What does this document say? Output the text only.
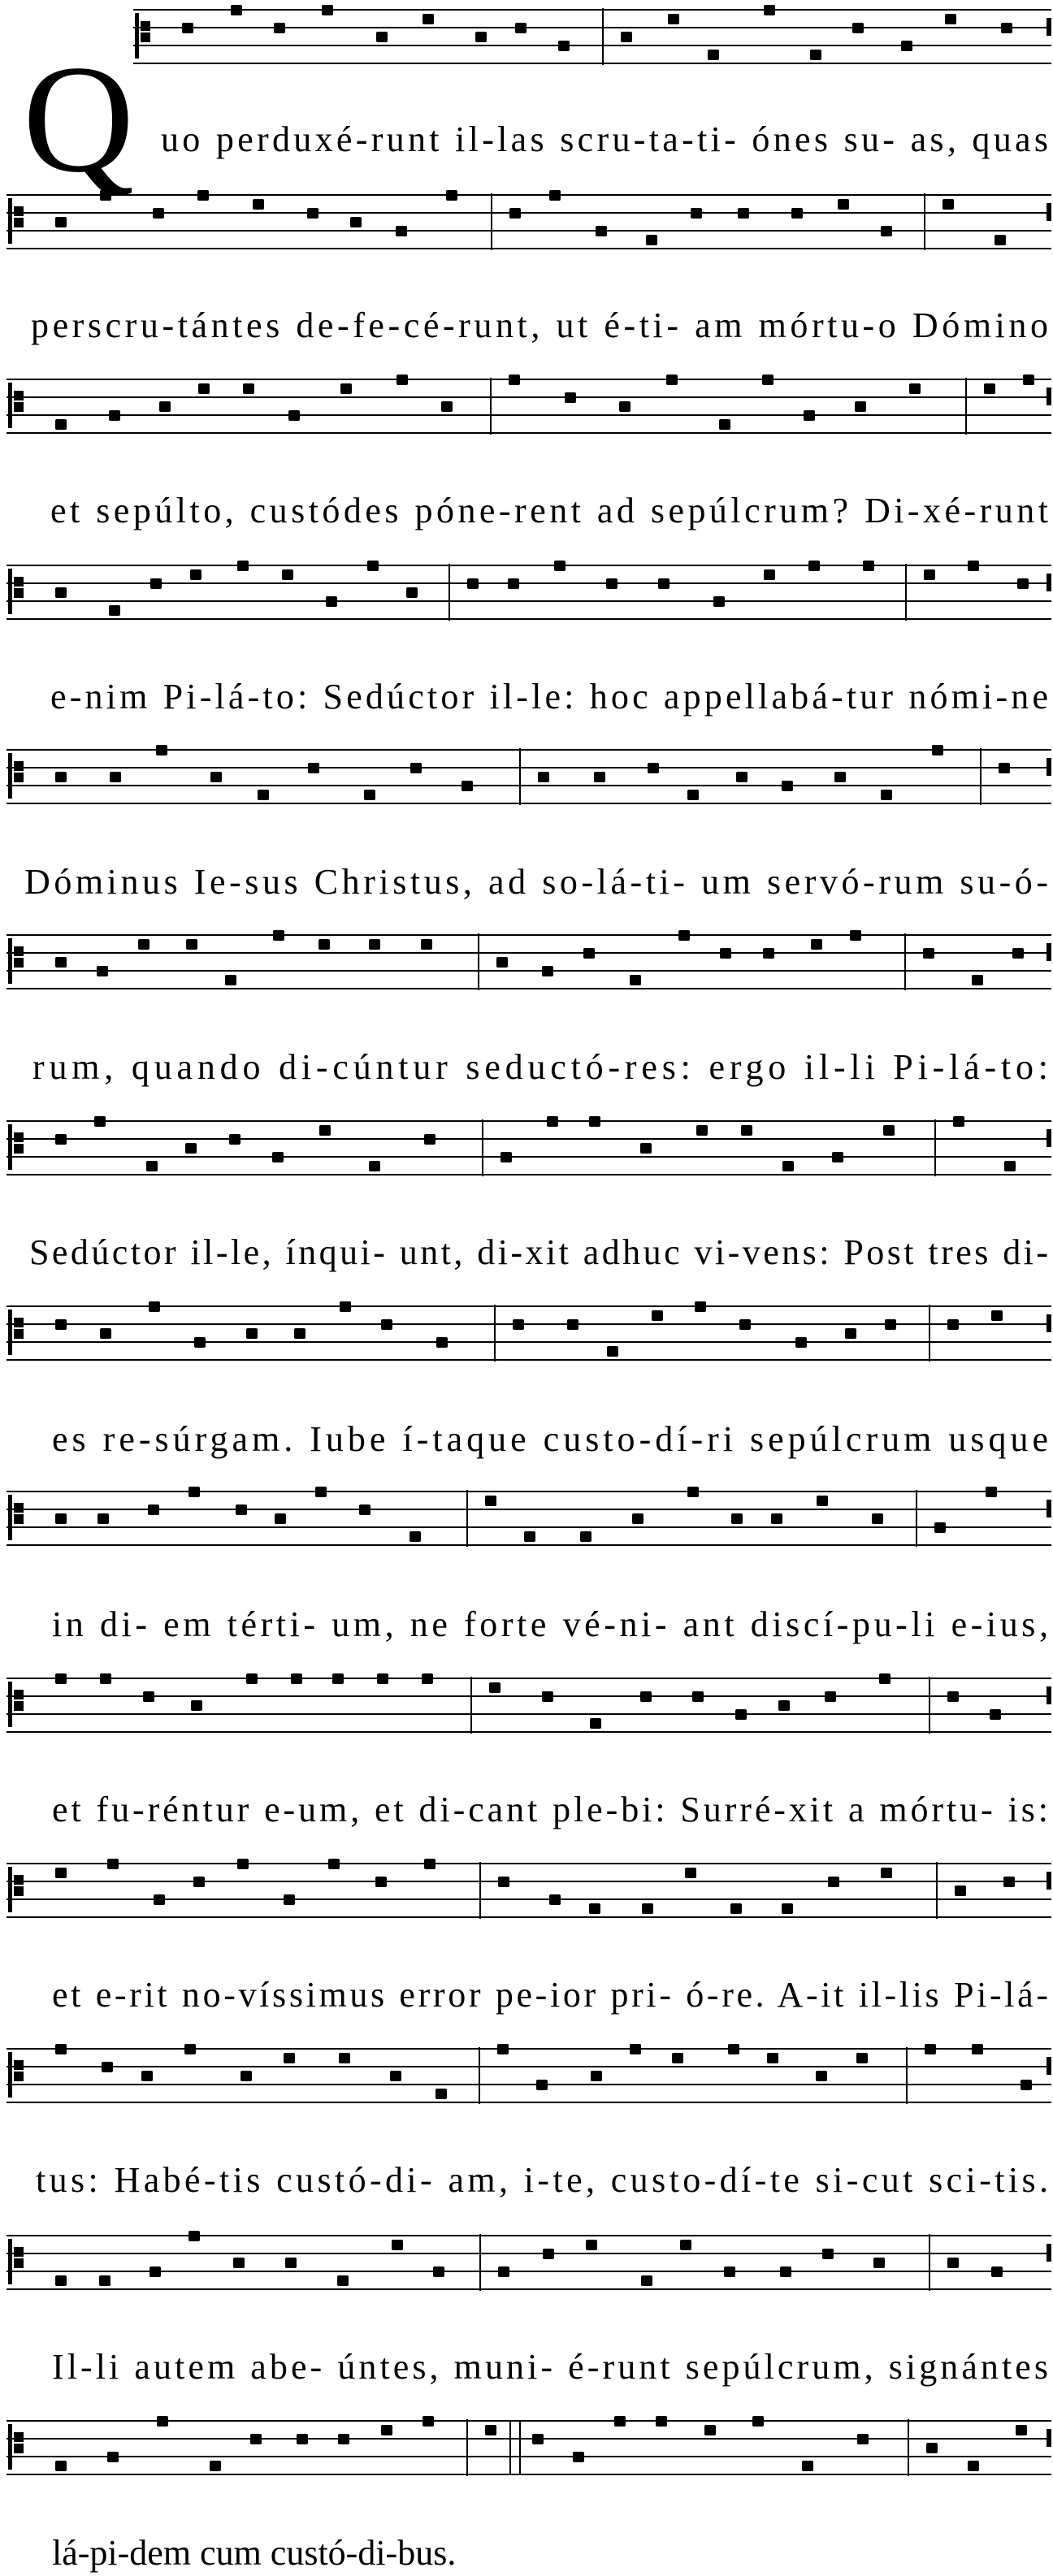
uo perduxé-runt il-las scru-ta-ti- ónes su- as, quas
perscru-tántes de-fe-cé-runt, ut é-ti- am mórtu-o Dómino
et sepúlto, custódes póne-rent ad sepúlcrum? Di-xé-runt
e-nim Pi-lá-to: Sedúctor il-le: hoc appellabá-tur nómi-ne
Dóminus Ie-sus Christus, ad so-lá-ti- um servó-rum su-ó-
rum, quando di-cúntur seductó-res: ergo il-li Pi-lá-to:
Sedúctor il-le, ínqui- unt, di-xit adhuc vi-vens: Post tres di-
es re-súrgam. Iube í-taque custo-dí-ri sepúlcrum usque
in di- em térti- um, ne forte vé-ni- ant discí-pu-li e-ius,
et fu-réntur e-um, et di-cant ple-bi: Surré-xit a mórtu- is:
et e-rit no-víssimus error pe-ior pri- ó-re. A-it il-lis Pi-lá-
tus: Habé-tis custó-di- am, i-te, custo-dí-te si-cut sci-tis.
Il-li autem abe- úntes, muni- é-runt sepúlcrum, signántes
lá-pi-dem cum custó-di-bus.
Q
